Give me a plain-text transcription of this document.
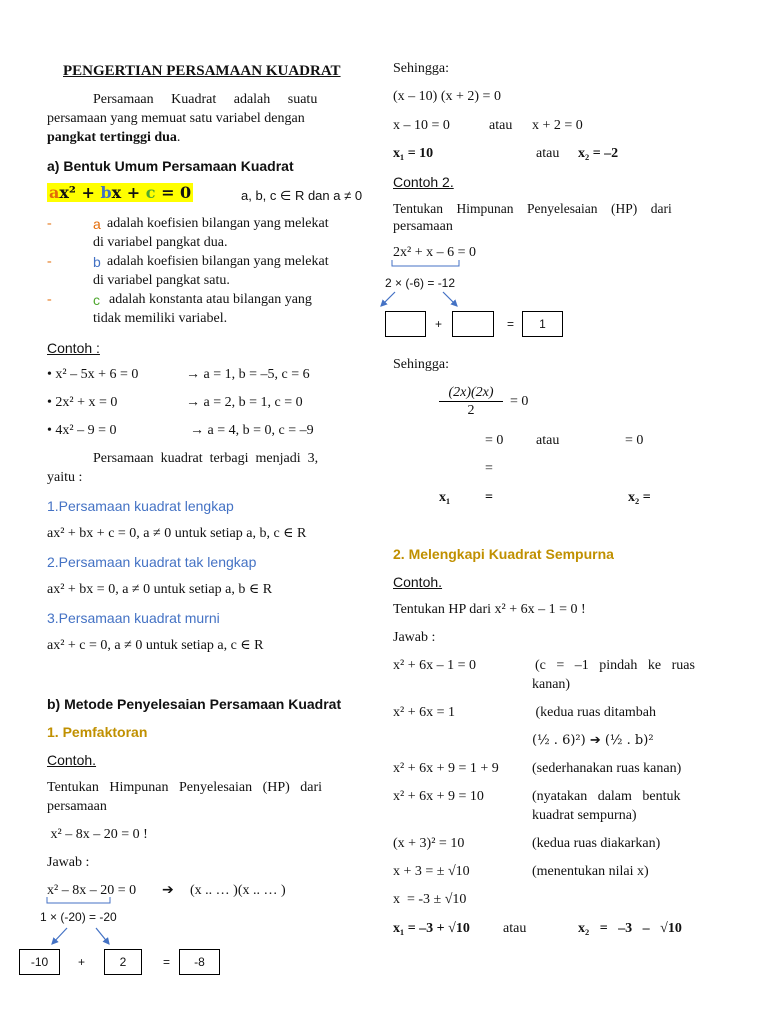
PENGERTIAN PERSAMAAN KUADRAT
Persamaan     Kuadrat     adalah     suatu
persamaan yang memuat satu variabel dengan
pangkat tertinggi dua.
a) Bentuk Umum Persamaan Kuadrat
ax² + bx + c = 0	a, b, c ∈ R dan a ≠ 0
-	a adalah koefisien bilangan yang melekat
di variabel pangkat dua.
-	b adalah koefisien bilangan yang melekat
di variabel pangkat satu.
-	c adalah konstanta atau bilangan yang
tidak memiliki variabel.
Contoh :
• x² – 5x + 6 = 0	→ a = 1, b = –5, c = 6
• 2x² + x = 0	→ a = 2, b = 1, c = 0
• 4x² – 9 = 0	→ a = 4, b = 0, c = –9
Persamaan  kuadrat  terbagi  menjadi  3,
yaitu :
1.Persamaan kuadrat lengkap
ax² + bx + c = 0, a ≠ 0 untuk setiap a, b, c ∈ R
2.Persamaan kuadrat tak lengkap
ax² + bx = 0, a ≠ 0 untuk setiap a, b ∈ R
3.Persamaan kuadrat murni
ax² + c = 0, a ≠ 0 untuk setiap a, c ∈ R
b) Metode Penyelesaian Persamaan Kuadrat
1. Pemfaktoran
Contoh.
Tentukan   Himpunan   Penyelesaian   (HP)   dari
persamaan
x² – 8x – 20 = 0 !
Jawab :
x² – 8x – 20 = 0 ➔ (x .. … )(x .. … )
1 × (-20) = -20
-10	+	2	=	-8
Sehingga:
(x – 10) (x + 2) = 0
x – 10 = 0	atau x + 2 = 0
x₁ = 10	atau x₂ = –2
Contoh 2.
Tentukan    Himpunan    Penyelesaian    (HP)    dari
persamaan
2x² + x – 6 = 0
2 × (-6) = -12
Sehingga:
$\frac{(2x)(2x)}{2} = 0$
= 0 atau	= 0
=
x₁ =	x₂ =
2. Melengkapi Kuadrat Sempurna
Contoh.
Tentukan HP dari x² + 6x – 1 = 0 !
Jawab :
x² + 6x – 1 = 0	(c   =   –1   pindah   ke   ruas
kanan)
x² + 6x = 1	(kedua ruas ditambah
(½ . 6)²) ➔ (½ . b)²
x² + 6x + 9 = 1 + 9 (sederhanakan ruas kanan)
x² + 6x + 9 = 10	(nyatakan   dalam   bentuk
kuadrat sempurna)
(x + 3)² = 10	(kedua ruas diakarkan)
x + 3 = ± √10	(menentukan nilai x)
x  = -3 ± √10
x₁ = –3 + √10 atau	x₂   =   –3   –   √10
+	=	1
